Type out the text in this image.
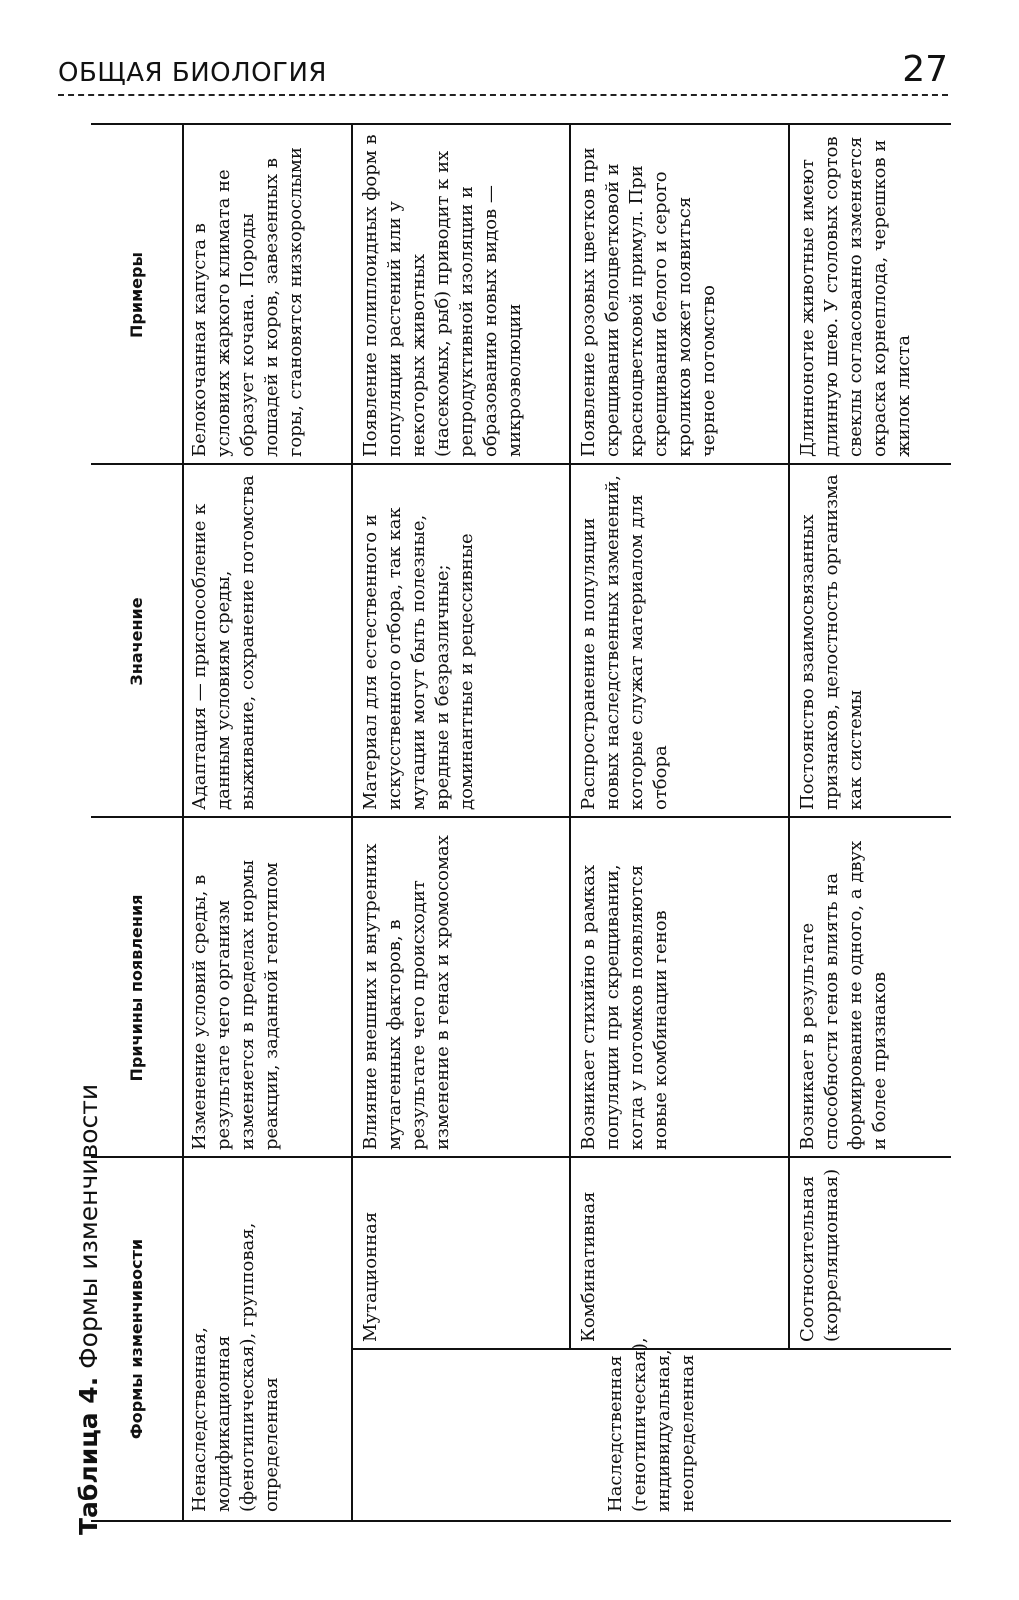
ОБЩАЯ БИОЛОГИЯ	27
Таблица 4. Формы изменчивости	Формы изменчивости
Причины появления
Значение
Примеры
Ненаследственная, модификационная (фенотипическая), групповая, определенная
Изменение условий среды, в результате чего организм изменяется в пределах нормы реакции, заданной генотипом
Адаптация — приспособление к данным условиям среды, выживание, сохранение потомства
Белокочанная капуста в условиях жаркого климата не образует кочана. Породы лошадей и коров, завезенных в горы, становятся низкорослыми
Наследственная (генотипическая), индивидуальная, неопределенная
Мутационная
Влияние внешних и внутренних мутагенных факторов, в результате чего происходит изменение в генах и хромосомах
Материал для естественного и искусственного отбора, так как мутации могут быть полезные, вредные и безразличные; доминантные и рецессивные
Появление полиплоидных форм в популяции растений или у некоторых животных (насекомых, рыб) приводит к их репродуктивной изоляции и образованию новых видов — микроэволюции
Комбинативная
Возникает стихийно в рамках популяции при скрещивании, когда у потомков появляются новые комбинации генов
Распространение в популяции новых наследственных изменений, которые служат материалом для отбора
Появление розовых цветков при скрещивании белоцветковой и красноцветковой примул. При скрещивании белого и серого кроликов может появиться черное потомство
Соотносительная (корреляционная)
Возникает в результате способности генов влиять на формирование не одного, а двух и более признаков
Постоянство взаимосвязанных признаков, целостность организма как системы
Длинноногие животные имеют длинную шею. У столовых сортов свеклы согласованно изменяется окраска корнеплода, черешков и жилок листа
